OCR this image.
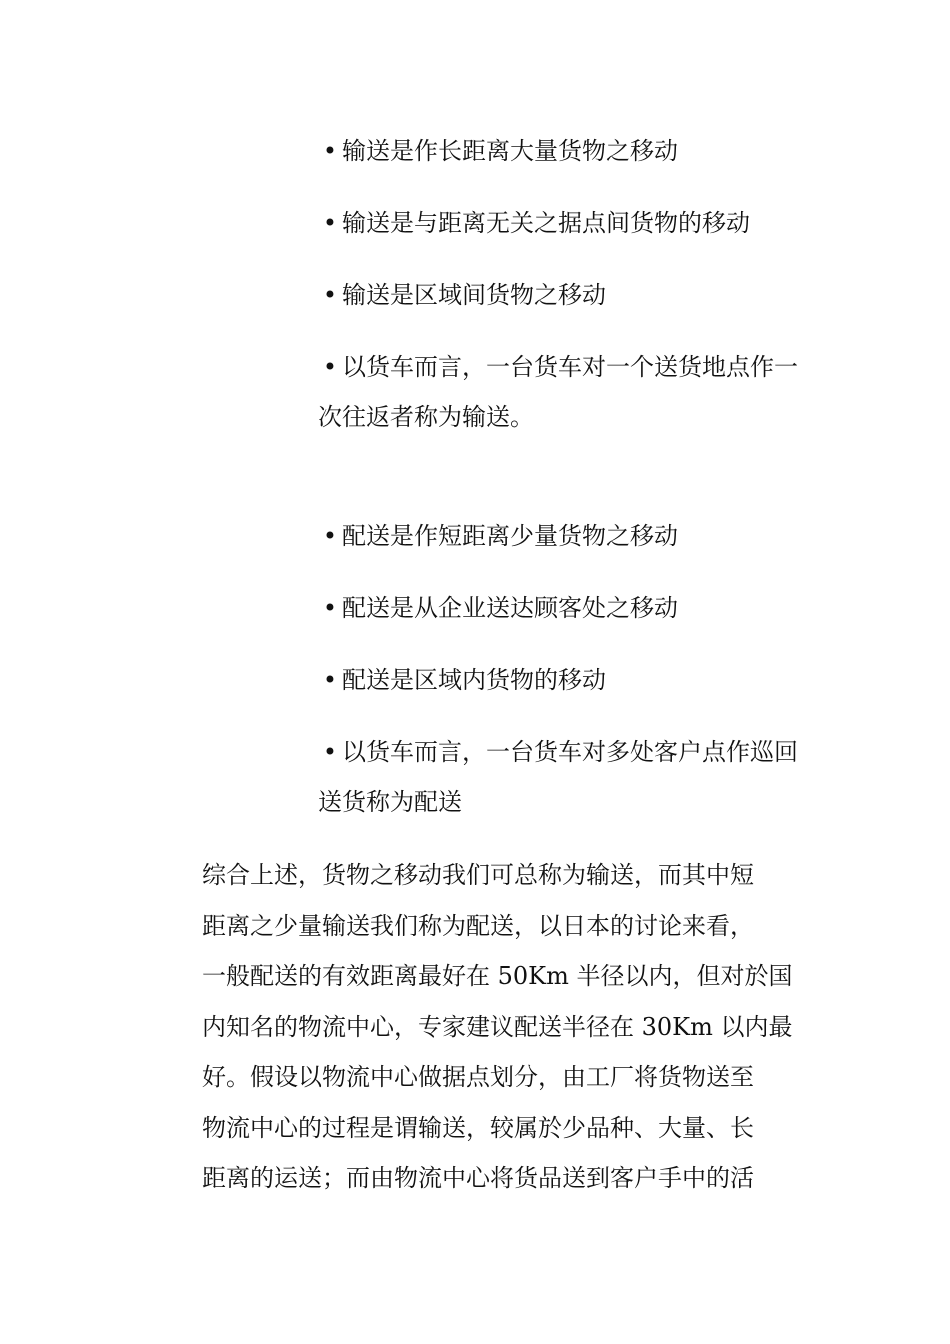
• 输送是作长距离大量货物之移动
• 输送是与距离无关之据点间货物的移动
• 输送是区域间货物之移动
• 以货车而言，一台货车对一个送货地点作一次往返者称为输送。
• 配送是作短距离少量货物之移动
• 配送是从企业送达顾客处之移动
• 配送是区域内货物的移动
• 以货车而言，一台货车对多处客户点作巡回送货称为配送
综合上述，货物之移动我们可总称为输送，而其中短
距离之少量输送我们称为配送，以日本的讨论来看，
一般配送的有效距离最好在 50Km 半径以内，但对於国
内知名的物流中心，专家建议配送半径在 30Km 以内最
好。假设以物流中心做据点划分，由工厂将货物送至
物流中心的过程是谓输送，较属於少品种、大量、长
距离的运送；而由物流中心将货品送到客户手中的活
